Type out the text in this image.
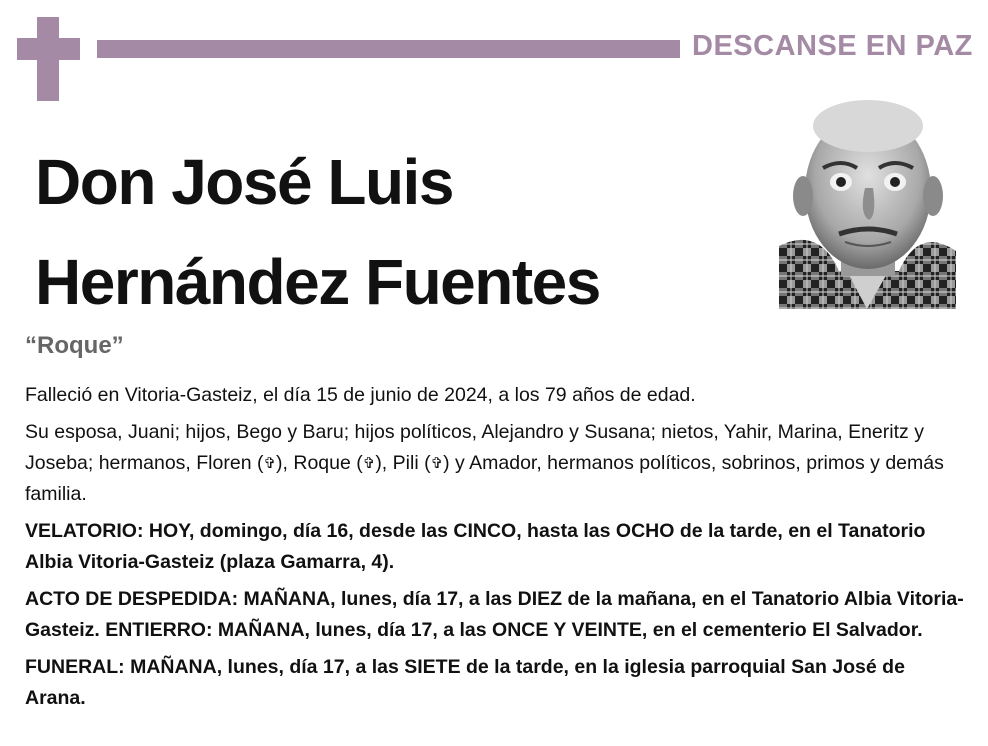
DESCANSE EN PAZ
Don José Luis
Hernández Fuentes
“Roque”

Falleció en Vitoria-Gasteiz, el día 15 de junio de 2024, a los 79 años de edad.

Su esposa, Juani; hijos, Bego y Baru; hijos políticos, Alejandro y Susana; nietos, Yahir, Marina, Eneritz y Joseba; hermanos, Floren (✞), Roque (✞), Pili (✞) y Amador, hermanos políticos, sobrinos, primos y demás familia.

VELATORIO: HOY, domingo, día 16, desde las CINCO, hasta las OCHO de la tarde, en el Tanatorio Albia Vitoria-Gasteiz (plaza Gamarra, 4).

ACTO DE DESPEDIDA: MAÑANA, lunes, día 17, a las DIEZ de la mañana, en el Tanatorio Albia Vitoria-Gasteiz. ENTIERRO: MAÑANA, lunes, día 17, a las ONCE Y VEINTE, en el cementerio El Salvador.

FUNERAL: MAÑANA, lunes, día 17, a las SIETE de la tarde, en la iglesia parroquial San José de Arana.
